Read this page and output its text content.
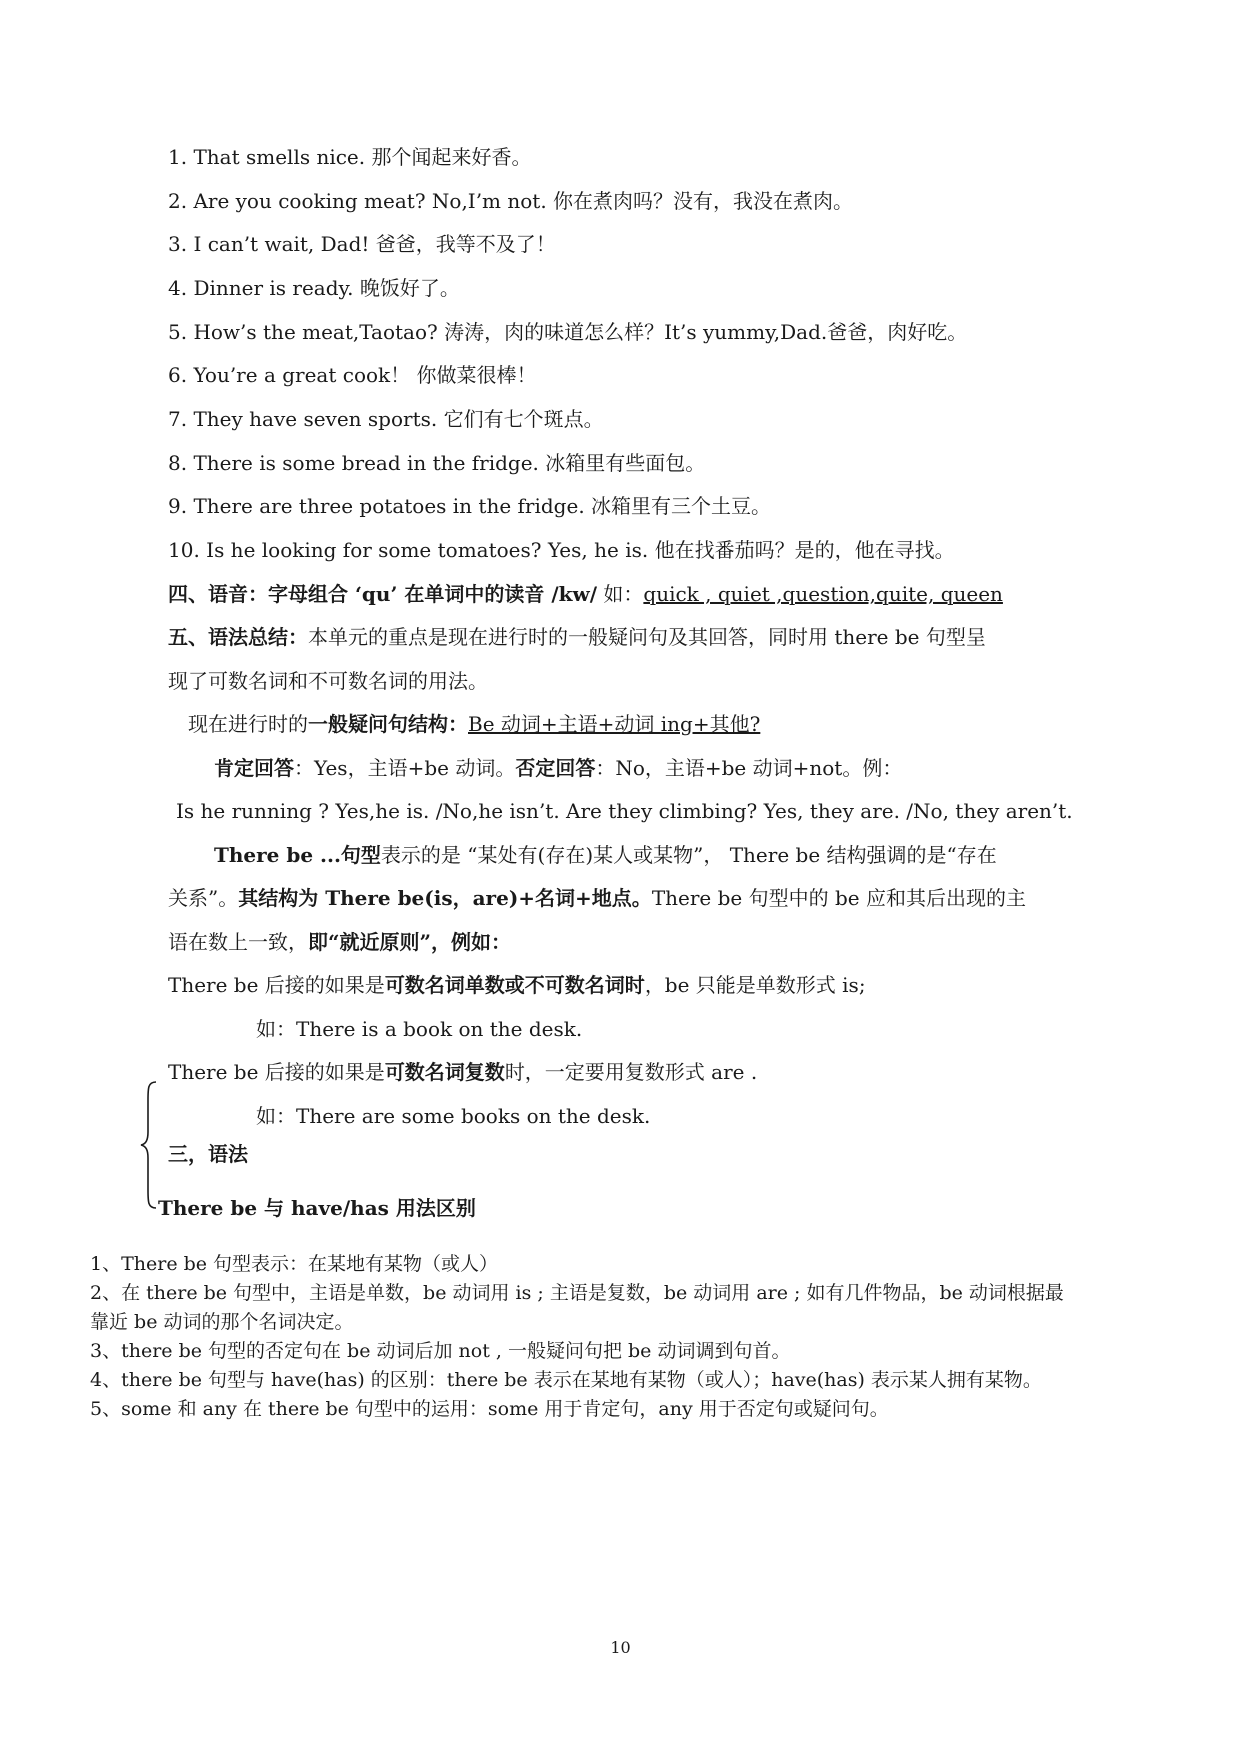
1. That smells nice. 那个闻起来好香。
2. Are you cooking meat? No,I’m not. 你在煮肉吗？没有，我没在煮肉。
3. I can’t wait, Dad! 爸爸，我等不及了！
4. Dinner is ready. 晚饭好了。
5. How’s the meat,Taotao? 涛涛，肉的味道怎么样？It’s yummy,Dad.爸爸，肉好吃。
6. You’re a great cook！ 你做菜很棒！
7. They have seven sports. 它们有七个斑点。
8. There is some bread in the fridge. 冰箱里有些面包。
9. There are three potatoes in the fridge. 冰箱里有三个土豆。
10. Is he looking for some tomatoes? Yes, he is. 他在找番茄吗？是的，他在寻找。
四、语音：字母组合 ‘qu’ 在单词中的读音 /kw/ 如：quick , quiet ,question,quite, queen
五、语法总结：本单元的重点是现在进行时的一般疑问句及其回答，同时用 there be 句型呈
现了可数名词和不可数名词的用法。
现在进行时的一般疑问句结构：Be 动词+主语+动词 ing+其他?
肯定回答：Yes，主语+be 动词。否定回答：No，主语+be 动词+not。例：
Is he running ? Yes,he is. /No,he isn’t. Are they climbing? Yes, they are. /No, they aren’t.
There be ...句型表示的是 “某处有(存在)某人或某物”， There be 结构强调的是“存在
关系”。其结构为 There be(is，are)+名词+地点。There be 句型中的 be 应和其后出现的主
语在数上一致，即“就近原则”，例如：
There be 后接的如果是可数名词单数或不可数名词时，be 只能是单数形式 is;
如：There is a book on the desk.
There be 后接的如果是可数名词复数时，一定要用复数形式 are .
如：There are some books on the desk.
三，语法
There be 与 have/has 用法区别
1、There be 句型表示：在某地有某物（或人）
2、在 there be 句型中，主语是单数，be 动词用 is ; 主语是复数，be 动词用 are ; 如有几件物品，be 动词根据最
靠近 be 动词的那个名词决定。
3、there be 句型的否定句在 be 动词后加 not , 一般疑问句把 be 动词调到句首。
4、there be 句型与 have(has) 的区别：there be 表示在某地有某物（或人）；have(has) 表示某人拥有某物。
5、some 和 any 在 there be 句型中的运用：some 用于肯定句，any 用于否定句或疑问句。
10
